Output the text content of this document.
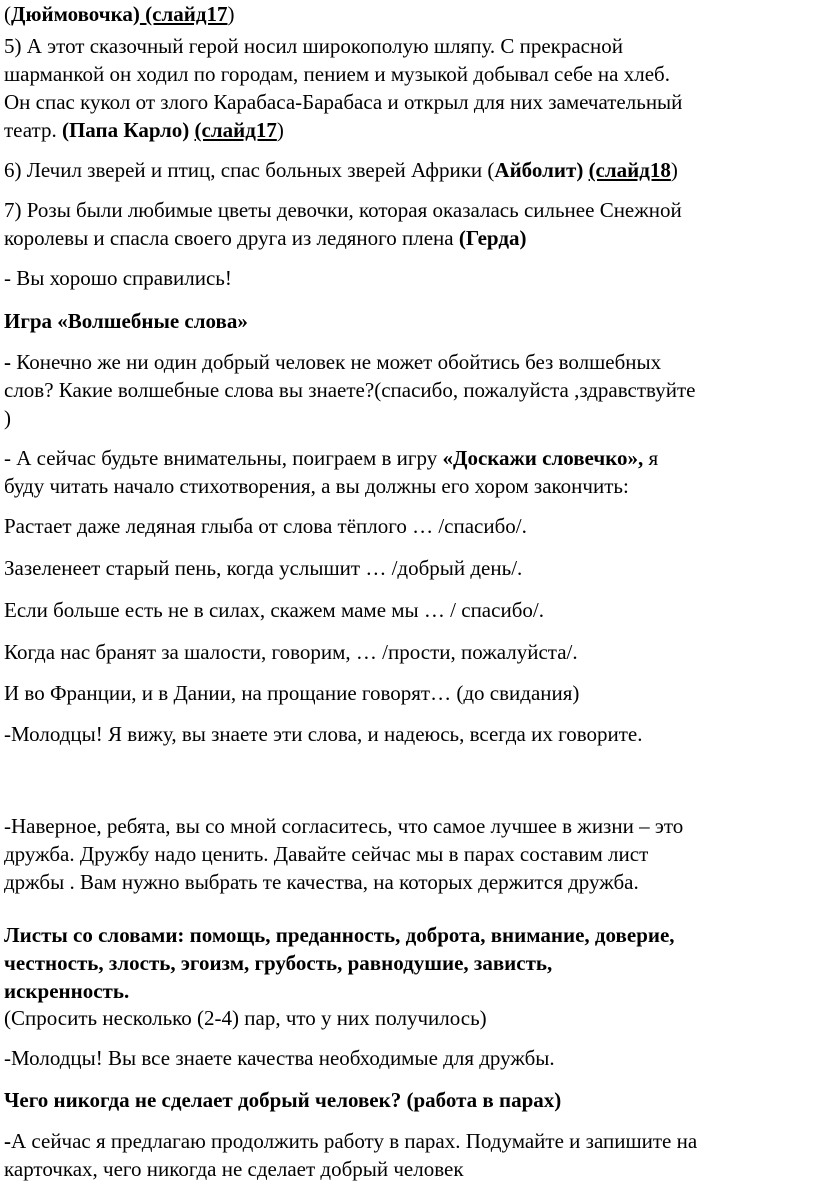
(Дюймовочка) (слайд17)
5) А этот сказочный герой носил широкополую шляпу. С прекрасной
шарманкой он ходил по городам, пением и музыкой добывал себе на хлеб.
Он спас кукол от злого Карабаса-Барабаса и открыл для них замечательный
театр. (Папа Карло) (слайд17)
6) Лечил зверей и птиц, спас больных зверей Африки (Айболит) (слайд18)
7) Розы были любимые цветы девочки, которая оказалась сильнее Снежной
королевы и спасла своего друга из ледяного плена (Герда)
- Вы хорошо справились!
Игра «Волшебные слова»
- Конечно же ни один добрый человек не может обойтись без волшебных
слов? Какие волшебные слова вы знаете?(спасибо, пожалуйста ,здравствуйте
)
- А сейчас будьте внимательны, поиграем в игру «Доскажи словечко», я
буду читать начало стихотворения, а вы должны его хором закончить:
Растает даже ледяная глыба от слова тёплого … /спасибо/.
Зазеленеет старый пень, когда услышит … /добрый день/.
Если больше есть не в силах, скажем маме мы … / спасибо/.
Когда нас бранят за шалости, говорим, … /прости, пожалуйста/.
И во Франции, и в Дании, на прощание говорят… (до свидания)
-Молодцы! Я вижу, вы знаете эти слова, и надеюсь, всегда их говорите.
-Наверное, ребята, вы со мной согласитесь, что самое лучшее в жизни – это
дружба. Дружбу надо ценить. Давайте сейчас мы в парах составим лист
држбы . Вам нужно выбрать те качества, на которых держится дружба.
Листы со словами: помощь, преданность, доброта, внимание, доверие,
честность, злость, эгоизм, грубость, равнодушие, зависть,
искренность.
(Спросить несколько (2-4) пар, что у них получилось)
-Молодцы! Вы все знаете качества необходимые для дружбы.
Чего никогда не сделает добрый человек? (работа в парах)
-А сейчас я предлагаю продолжить работу в парах. Подумайте и запишите на
карточках, чего никогда не сделает добрый человек
